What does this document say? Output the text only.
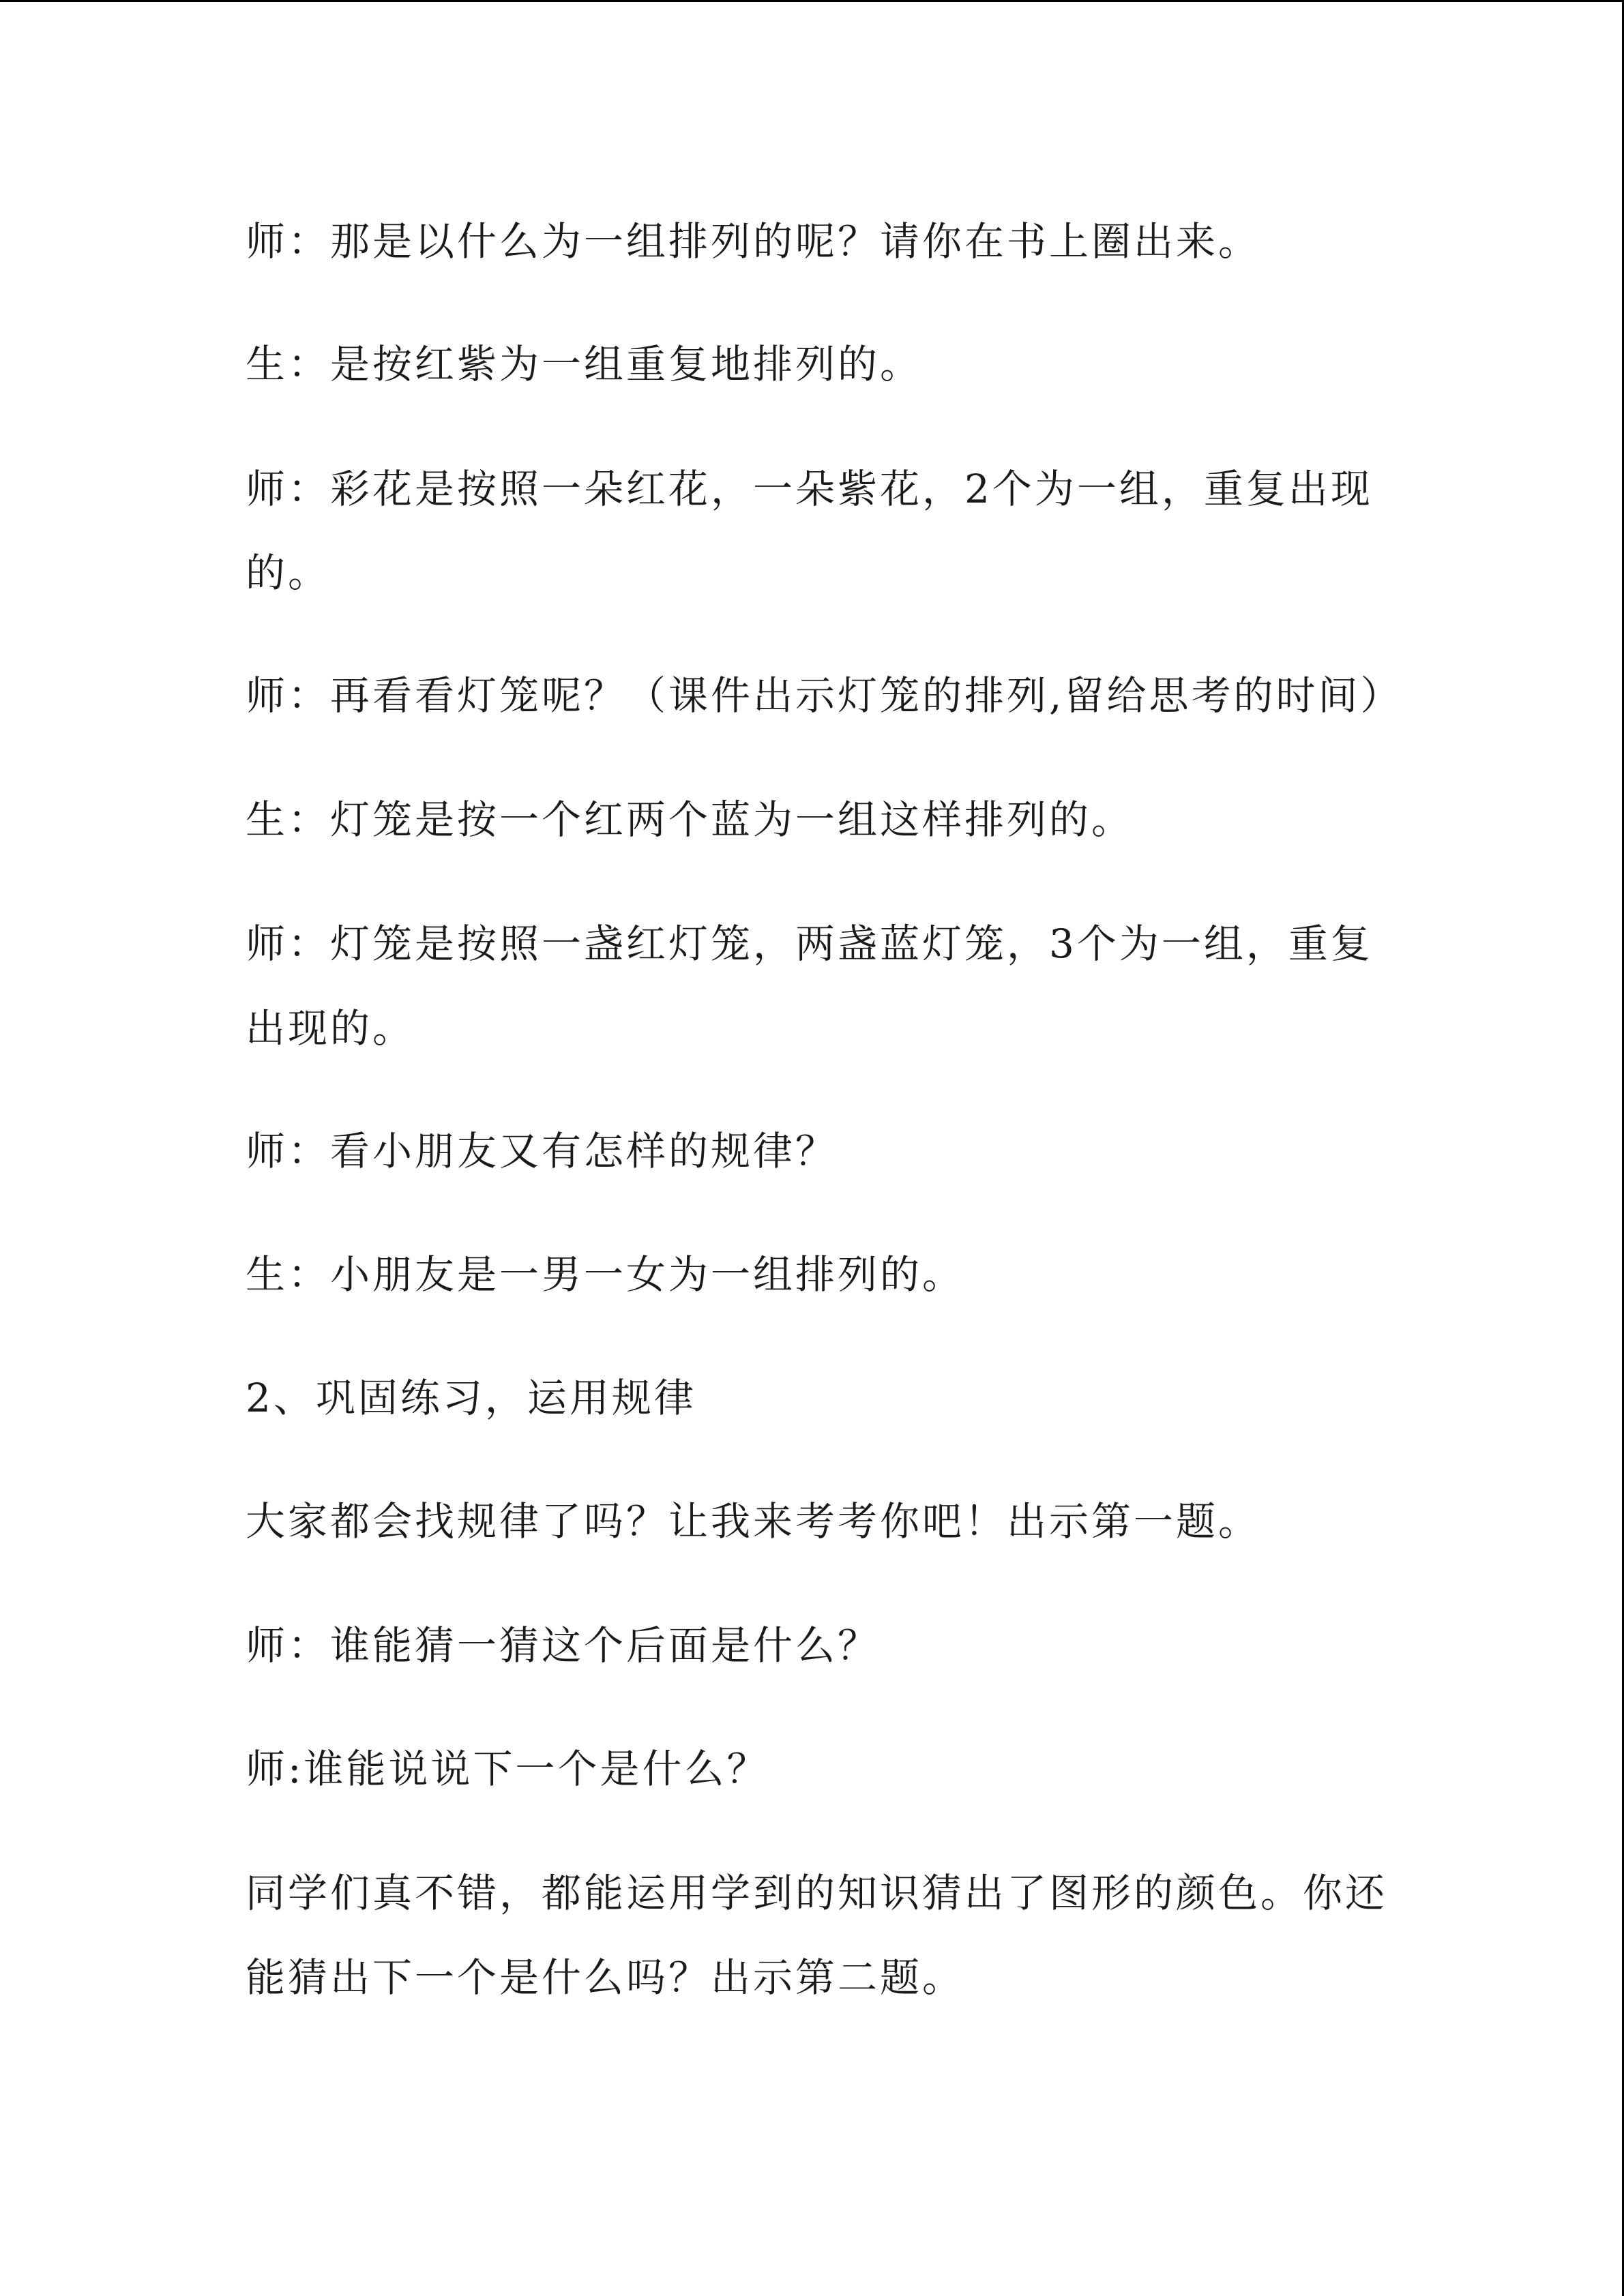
师：那是以什么为一组排列的呢？请你在书上圈出来。
生：是按红紫为一组重复地排列的。
师：彩花是按照一朵红花，一朵紫花，2个为一组，重复出现
的。
师：再看看灯笼呢？（课件出示灯笼的排列,留给思考的时间）
生：灯笼是按一个红两个蓝为一组这样排列的。
师：灯笼是按照一盏红灯笼，两盏蓝灯笼，3个为一组，重复
出现的。
师：看小朋友又有怎样的规律？
生：小朋友是一男一女为一组排列的。
2、巩固练习，运用规律
大家都会找规律了吗？让我来考考你吧！出示第一题。
师：谁能猜一猜这个后面是什么？
师:谁能说说下一个是什么？
同学们真不错，都能运用学到的知识猜出了图形的颜色。你还
能猜出下一个是什么吗？出示第二题。
